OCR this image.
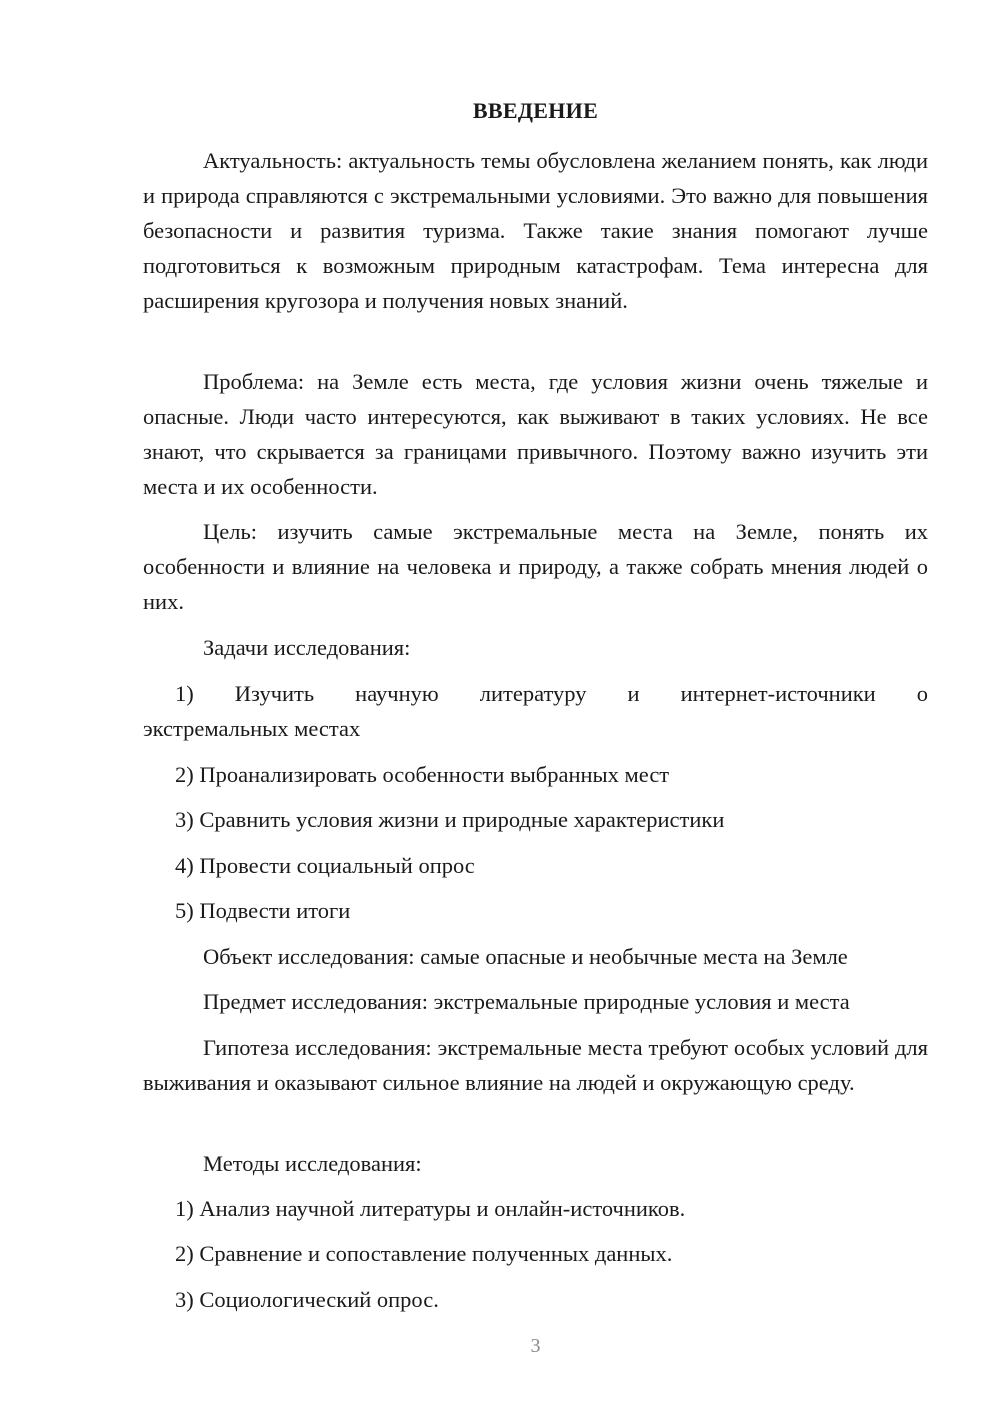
ВВЕДЕНИЕ

Актуальность: актуальность темы обусловлена желанием понять, как люди и природа справляются с экстремальными условиями. Это важно для повышения безопасности и развития туризма. Также такие знания помогают лучше подготовиться к возможным природным катастрофам. Тема интересна для расширения кругозора и получения новых знаний.

Проблема: на Земле есть места, где условия жизни очень тяжелые и опасные. Люди часто интересуются, как выживают в таких условиях. Не все знают, что скрывается за границами привычного. Поэтому важно изучить эти места и их особенности.

Цель: изучить самые экстремальные места на Земле, понять их особенности и влияние на человека и природу, а также собрать мнения людей о них.

Задачи исследования:

1) Изучить научную литературу и интернет-источники о
экстремальных местах

2) Проанализировать особенности выбранных мест

3) Сравнить условия жизни и природные характеристики

4) Провести социальный опрос

5) Подвести итоги

Объект исследования: самые опасные и необычные места на Земле

Предмет исследования: экстремальные природные условия и места

Гипотеза исследования: экстремальные места требуют особых условий для выживания и оказывают сильное влияние на людей и окружающую среду.

Методы исследования:

1) Анализ научной литературы и онлайн-источников.

2) Сравнение и сопоставление полученных данных.

3) Социологический опрос.

3
